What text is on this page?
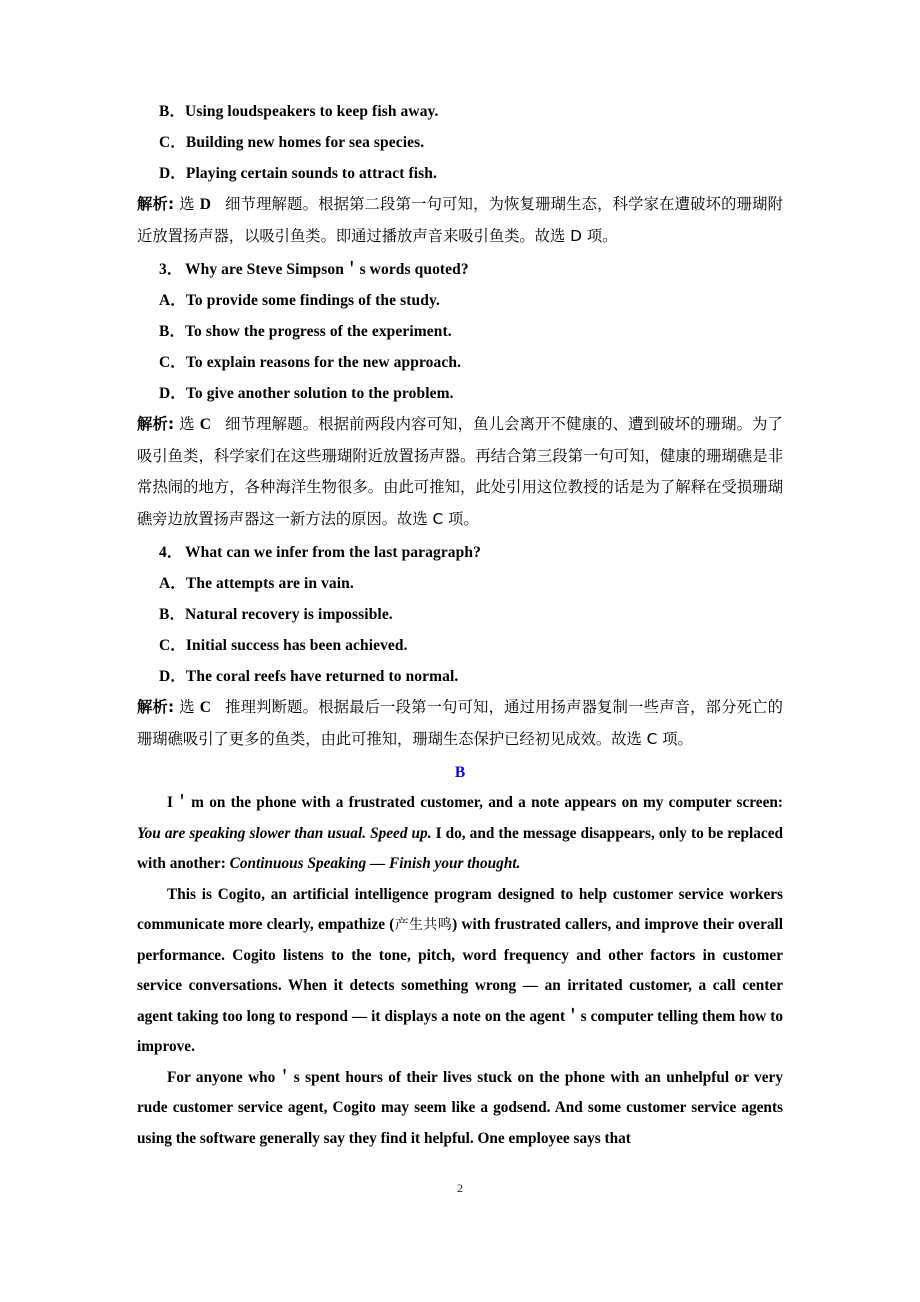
B．Using loudspeakers to keep fish away.
C．Building new homes for sea species.
D．Playing certain sounds to attract fish.
解析: 选 D 细节理解题。根据第二段第一句可知，为恢复珊瑚生态，科学家在遭破坏的珊瑚附近放置扬声器，以吸引鱼类。即通过播放声音来吸引鱼类。故选 D 项。
3． Why are Steve Simpson＇s words quoted?
A．To provide some findings of the study.
B．To show the progress of the experiment.
C．To explain reasons for the new approach.
D．To give another solution to the problem.
解析: 选 C 细节理解题。根据前两段内容可知，鱼儿会离开不健康的、遭到破坏的珊瑚。为了吸引鱼类，科学家们在这些珊瑚附近放置扬声器。再结合第三段第一句可知，健康的珊瑚礁是非常热闹的地方，各种海洋生物很多。由此可推知，此处引用这位教授的话是为了解释在受损珊瑚礁旁边放置扬声器这一新方法的原因。故选 C 项。
4． What can we infer from the last paragraph?
A．The attempts are in vain.
B．Natural recovery is impossible.
C．Initial success has been achieved.
D．The coral reefs have returned to normal.
解析: 选 C 推理判断题。根据最后一段第一句可知，通过用扬声器复制一些声音，部分死亡的珊瑚礁吸引了更多的鱼类，由此可推知，珊瑚生态保护已经初见成效。故选 C 项。
B
I＇m on the phone with a frustrated customer, and a note appears on my computer screen: You are speaking slower than usual. Speed up. I do, and the message disappears, only to be replaced with another: Continuous Speaking — Finish your thought.
This is Cogito, an artificial intelligence program designed to help customer service workers communicate more clearly, empathize (产生共鸣) with frustrated callers, and improve their overall performance. Cogito listens to the tone, pitch, word frequency and other factors in customer service conversations. When it detects something wrong — an irritated customer, a call center agent taking too long to respond — it displays a note on the agent＇s computer telling them how to improve.
For anyone who＇s spent hours of their lives stuck on the phone with an unhelpful or very rude customer service agent, Cogito may seem like a godsend. And some customer service agents using the software generally say they find it helpful. One employee says that
2
